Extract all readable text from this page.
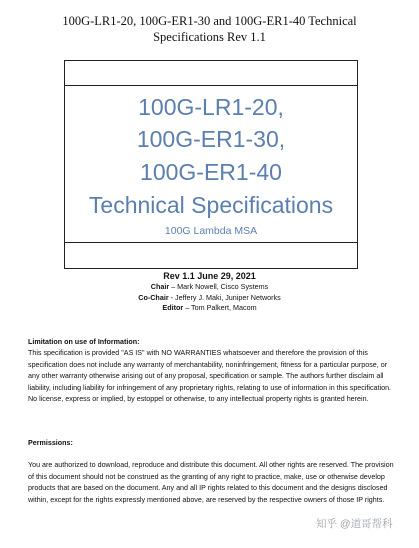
100G-LR1-20, 100G-ER1-30 and 100G-ER1-40 Technical
Specifications Rev 1.1
100G-LR1-20,
100G-ER1-30,
100G-ER1-40
Technical Specifications
100G Lambda MSA
Rev 1.1 June 29, 2021
Chair – Mark Nowell, Cisco Systems
Co-Chair - Jeffery J. Maki, Juniper Networks
Editor – Tom Palkert, Macom
Limitation on use of Information:
This specification is provided "AS IS" with NO WARRANTIES whatsoever and therefore the provision of this specification does not include any warranty of merchantability, noninfringement, fitness for a particular purpose, or any other warranty otherwise arising out of any proposal, specification or sample. The authors further disclaim all liability, including liability for infringement of any proprietary rights, relating to use of information in this specification. No license, express or implied, by estoppel or otherwise, to any intellectual property rights is granted herein.
Permissions:
You are authorized to download, reproduce and distribute this document. All other rights are reserved. The provision of this document should not be construed as the granting of any right to practice, make, use or otherwise develop products that are based on the document. Any and all IP rights related to this document and the designs disclosed within, except for the rights expressly mentioned above, are reserved by the respective owners of those IP rights.
知乎 @道哥帮科
